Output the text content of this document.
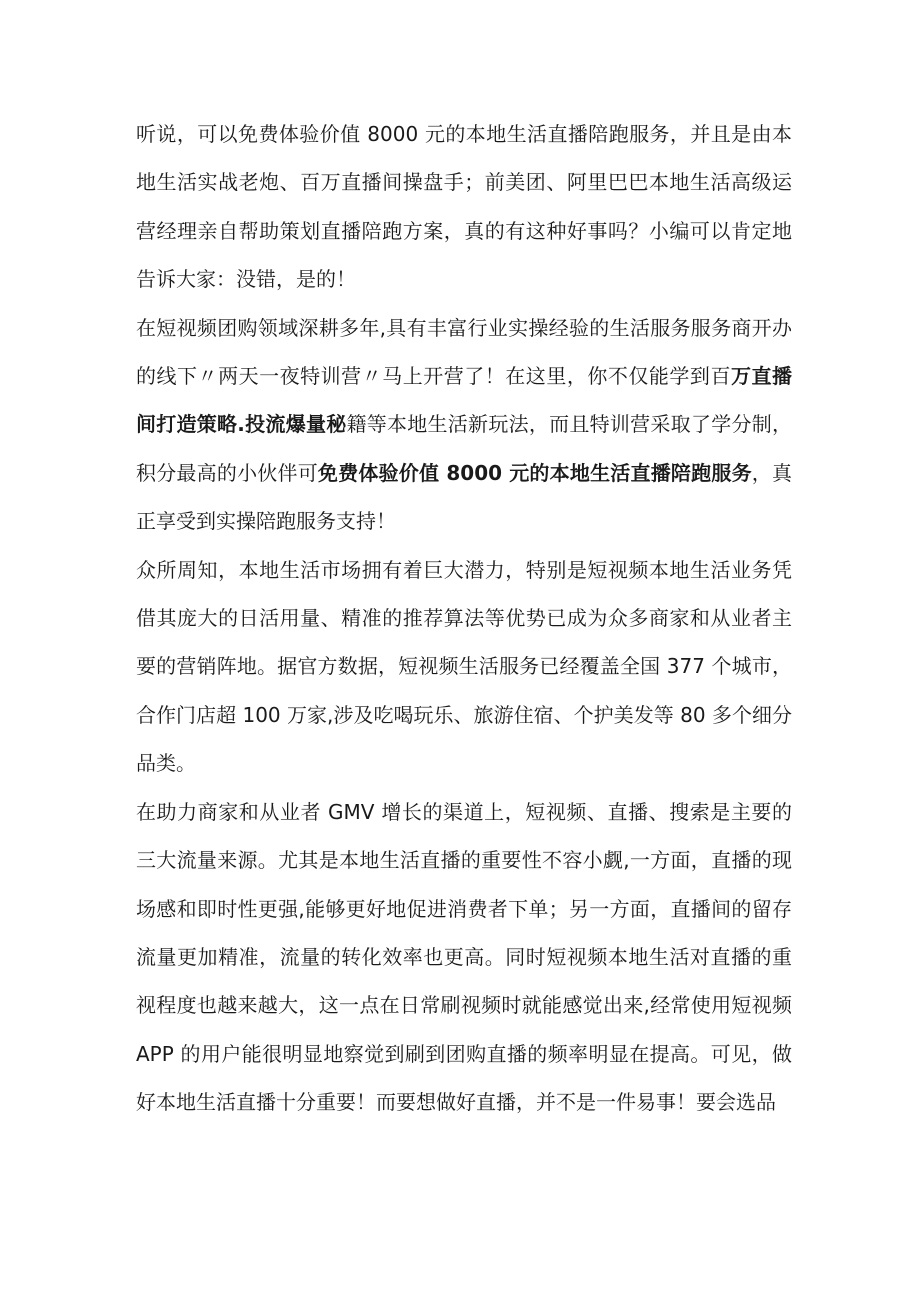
听说，可以免费体验价值 8000 元的本地生活直播陪跑服务，并且是由本地生活实战老炮、百万直播间操盘手；前美团、阿里巴巴本地生活高级运营经理亲自帮助策划直播陪跑方案，真的有这种好事吗？小编可以肯定地告诉大家：没错，是的！

在短视频团购领域深耕多年,具有丰富行业实操经验的生活服务服务商开办的线下〃两天一夜特训营〃马上开营了！在这里，你不仅能学到百万直播间打造策略.投流爆量秘籍等本地生活新玩法，而且特训营采取了学分制，积分最高的小伙伴可免费体验价值 8000 元的本地生活直播陪跑服务，真正享受到实操陪跑服务支持！

众所周知，本地生活市场拥有着巨大潜力，特别是短视频本地生活业务凭借其庞大的日活用量、精准的推荐算法等优势已成为众多商家和从业者主要的营销阵地。据官方数据，短视频生活服务已经覆盖全国 377 个城市，合作门店超 100 万家,涉及吃喝玩乐、旅游住宿、个护美发等 80 多个细分品类。

在助力商家和从业者 GMV 增长的渠道上，短视频、直播、搜索是主要的三大流量来源。尤其是本地生活直播的重要性不容小觑,一方面，直播的现场感和即时性更强,能够更好地促进消费者下单；另一方面，直播间的留存流量更加精准，流量的转化效率也更高。同时短视频本地生活对直播的重视程度也越来越大，这一点在日常刷视频时就能感觉出来,经常使用短视频 APP 的用户能很明显地察觉到刷到团购直播的频率明显在提高。可见，做好本地生活直播十分重要！而要想做好直播，并不是一件易事！要会选品
